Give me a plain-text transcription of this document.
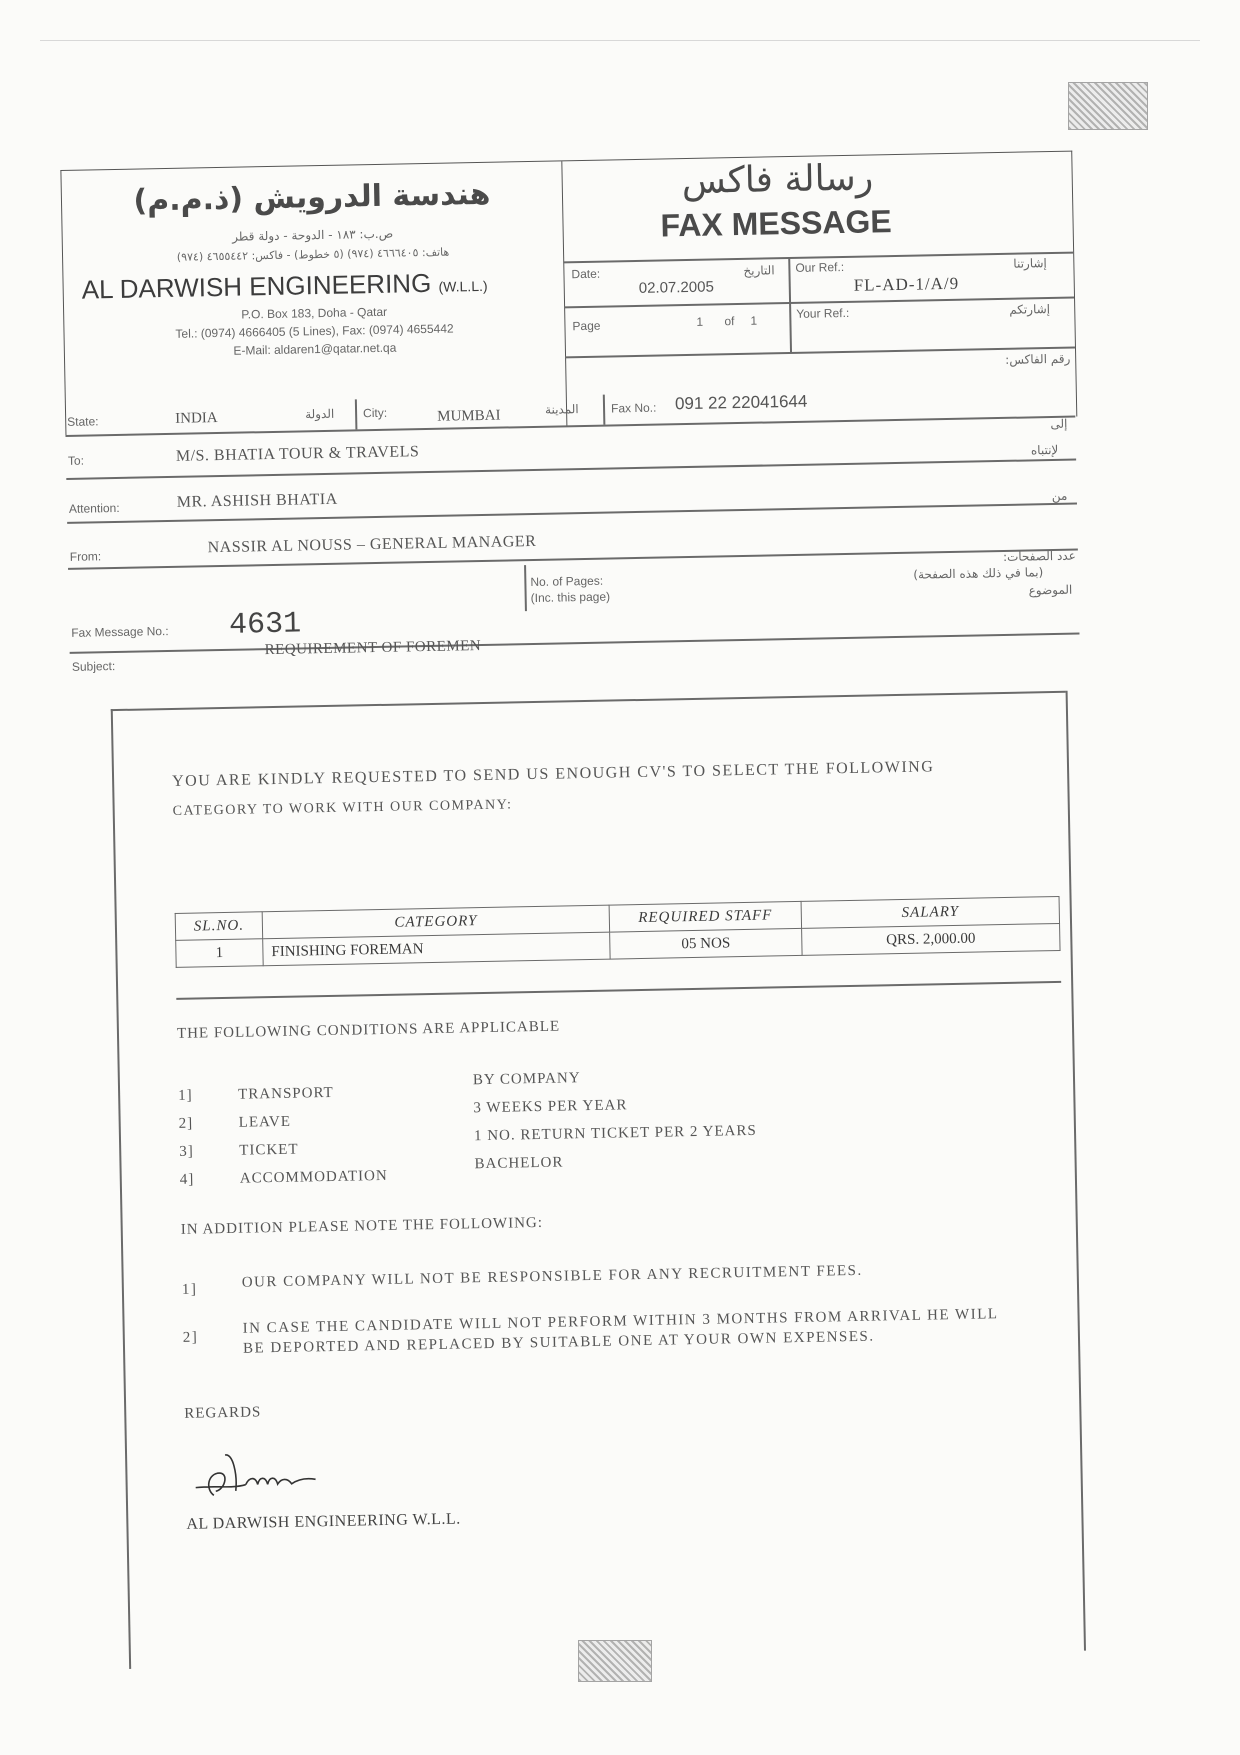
هندسة الدرويش (ذ.م.م)
ص.ب: ١٨٣ - الدوحة - دولة قطر
هاتف: ٤٦٦٦٤٠٥ (٩٧٤) (٥ خطوط) - فاكس: ٤٦٥٥٤٤٢ (٩٧٤)
AL DARWISH ENGINEERING (W.L.L.)
P.O. Box 183, Doha - Qatar
Tel.: (0974) 4666405 (5 Lines), Fax: (0974) 4655442
E-Mail: aldaren1@qatar.net.qa
رسالة فاكس
FAX MESSAGE
Date:	التاريخ
02.07.2005
Our Ref.:	إشارتنا
FL-AD-1/A/9
Page	1 of 1	Your Ref.:	إشارتكم
رقم الفاكس:
State:	INDIA	الدولة City:	MUMBAI	المدينة	Fax No.: 091 22 22041644
إلى
To:	M/S. BHATIA TOUR & TRAVELS	لإنتباه
Attention:	MR. ASHISH BHATIA	من
From:
NASSIR AL NOUSS – GENERAL MANAGER
No. of Pages:
(Inc. this page)
عدد الصفحات:
(بما في ذلك هذه الصفحة)
الموضوع
Fax Message No.: 4631
Subject:
REQUIREMENT OF FOREMEN
YOU ARE KINDLY REQUESTED TO SEND US ENOUGH CV'S TO SELECT THE FOLLOWING
CATEGORY TO WORK WITH OUR COMPANY:
SL.NO.	CATEGORY	REQUIRED STAFF	SALARY
1	FINISHING FOREMAN	05 NOS	QRS. 2,000.00
THE FOLLOWING CONDITIONS ARE APPLICABLE
1]	TRANSPORT
BY COMPANY
2]	LEAVE
3 WEEKS PER YEAR
3]	TICKET
1 NO. RETURN TICKET PER 2 YEARS
4]	ACCOMMODATION
BACHELOR
IN ADDITION PLEASE NOTE THE FOLLOWING:
1]	OUR COMPANY WILL NOT BE RESPONSIBLE FOR ANY RECRUITMENT FEES.
2]
IN CASE THE CANDIDATE WILL NOT PERFORM WITHIN 3 MONTHS FROM ARRIVAL HE WILL
BE DEPORTED AND REPLACED BY SUITABLE ONE AT YOUR OWN EXPENSES.
REGARDS
AL DARWISH ENGINEERING W.L.L.
